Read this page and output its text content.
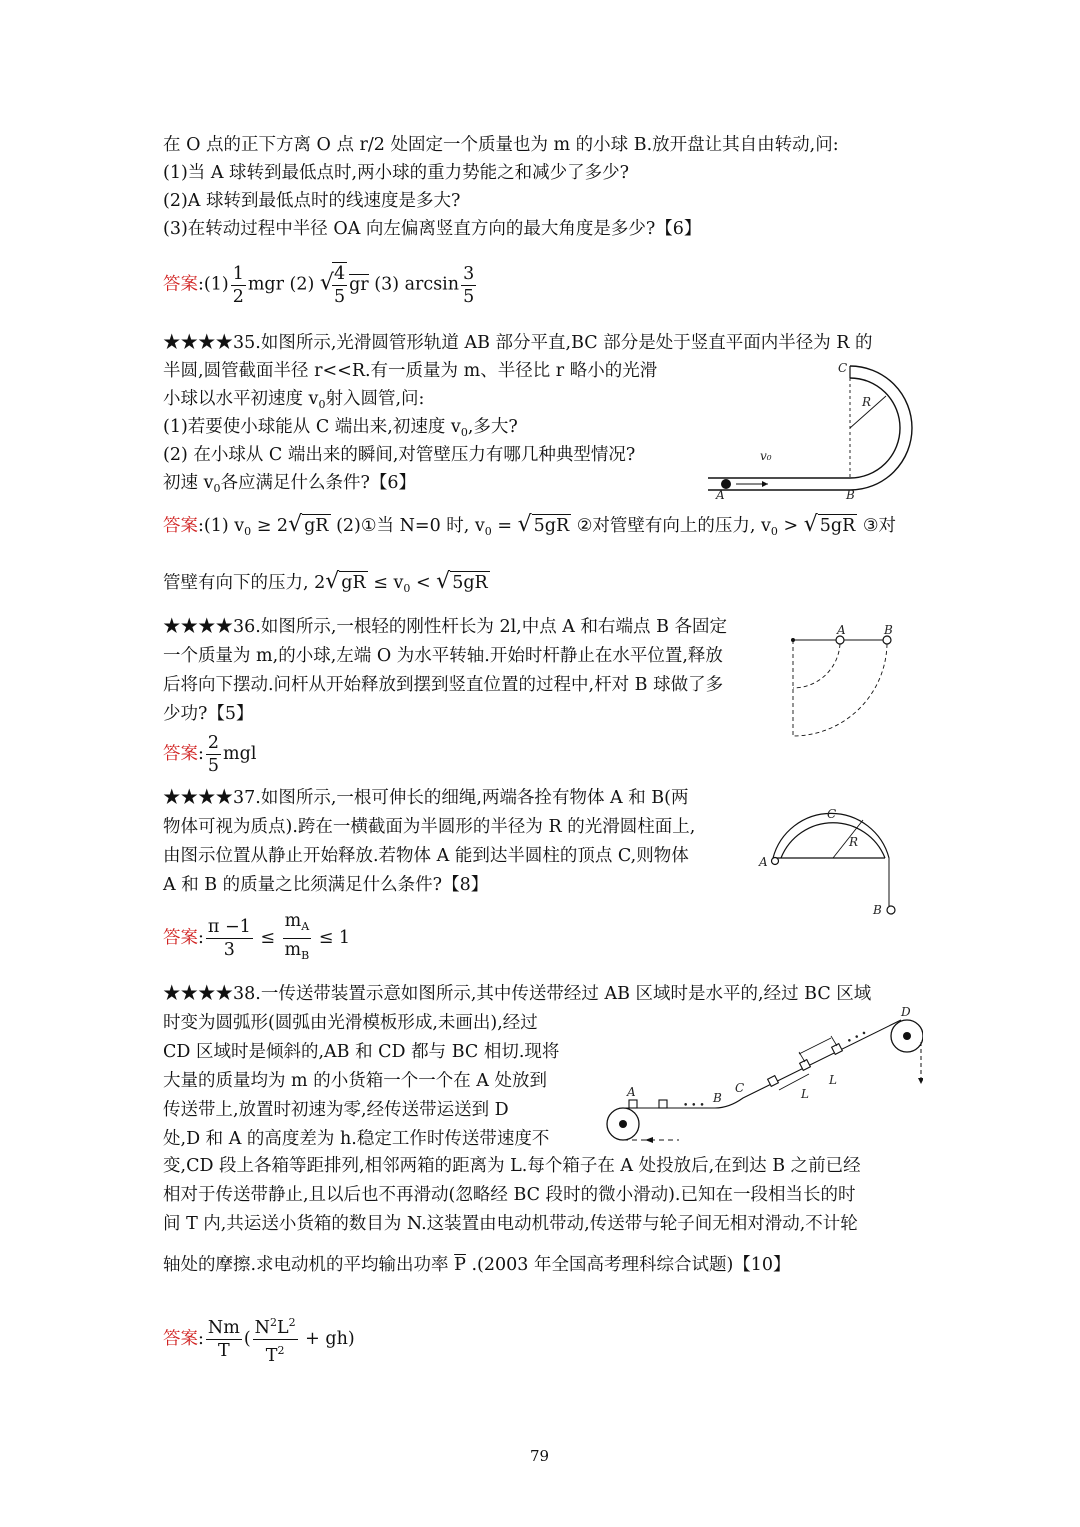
在 O 点的正下方离 O 点 r/2 处固定一个质量也为 m 的小球 B.放开盘让其自由转动,问:
(1)当 A 球转到最低点时,两小球的重力势能之和减少了多少?
(2)A 球转到最低点时的线速度是多大?
(3)在转动过程中半径 OA 向左偏离竖直方向的最大角度是多少?【6】
答案:(1) $\frac{1}{2}$ mgr (2) √
$\frac{4}{5}$ gr (3) $\arcsin \frac{3}{5}$
★★★★35.如图所示,光滑圆管形轨道 AB 部分平直,BC 部分是处于竖直平面内半径为 R 的
半圆,圆管截面半径 r<<R.有一质量为 m、半径比 r 略小的光滑
小球以水平初速度 $v_0$射入圆管,问:
(1)若要使小球能从 C 端出来,初速度 $v_0$,多大?
(2) 在小球从 C 端出来的瞬间,对管壁压力有哪几种典型情况?
初速 $v_0$各应满足什么条件?【6】
C
R
v₀
A	B
答案:(1) $v_0 \ge 2√$ gR (2)①当 N=0 时, $v_0$ = √ 5gR ②对管壁有向上的压力, $v_0$ > √ 5gR ③对
管壁有向下的压力, 2√ gR ≤ $v_0$ < √ 5gR
★★★★36.如图所示,一根轻的刚性杆长为 2l,中点 A 和右端点 B 各固定
一个质量为 m,的小球,左端 O 为水平转轴.开始时杆静止在水平位置,释放
后将向下摆动.问杆从开始释放到摆到竖直位置的过程中,杆对 B 球做了多
少功?【5】
A	B
答案: $\frac{2}{5}$ mgl
★★★★37.如图所示,一根可伸长的细绳,两端各拴有物体 A 和 B(两
物体可视为质点).跨在一横截面为半圆形的半径为 R 的光滑圆柱面上,
由图示位置从静止开始释放.若物体 A 能到达半圆柱的顶点 C,则物体
A 和 B 的质量之比须满足什么条件?【8】
C
R
A
B
答案: $\frac{\pi -1}{3} \le \frac{m_A}{m_B} \le 1$
★★★★38.一传送带装置示意如图所示,其中传送带经过 AB 区域时是水平的,经过 BC 区域
时变为圆弧形(圆弧由光滑模板形成,未画出),经过
CD 区域时是倾斜的,AB 和 CD 都与 BC 相切.现将
大量的质量均为 m 的小货箱一个一个在 A 处放到
传送带上,放置时初速为零,经传送带运送到 D
处,D 和 A 的高度差为 h.稳定工作时传送带速度不
变,CD 段上各箱等距排列,相邻两箱的距离为 L.每个箱子在 A 处投放后,在到达 B 之前已经
相对于传送带静止,且以后也不再滑动(忽略经 BC 段时的微小滑动).已知在一段相当长的时
间 T 内,共运送小货箱的数目为 N.这装置由电动机带动,传送带与轮子间无相对滑动,不计轮
轴处的摩擦.求电动机的平均输出功率 $\overline{P}$ .(2003 年全国高考理科综合试题)【10】
• • •
• • •
A	B
C
D
L
L
答案: $\frac{Nm}{T}$ ( $\frac{N^2L^2}{T^2} + gh$)
79
